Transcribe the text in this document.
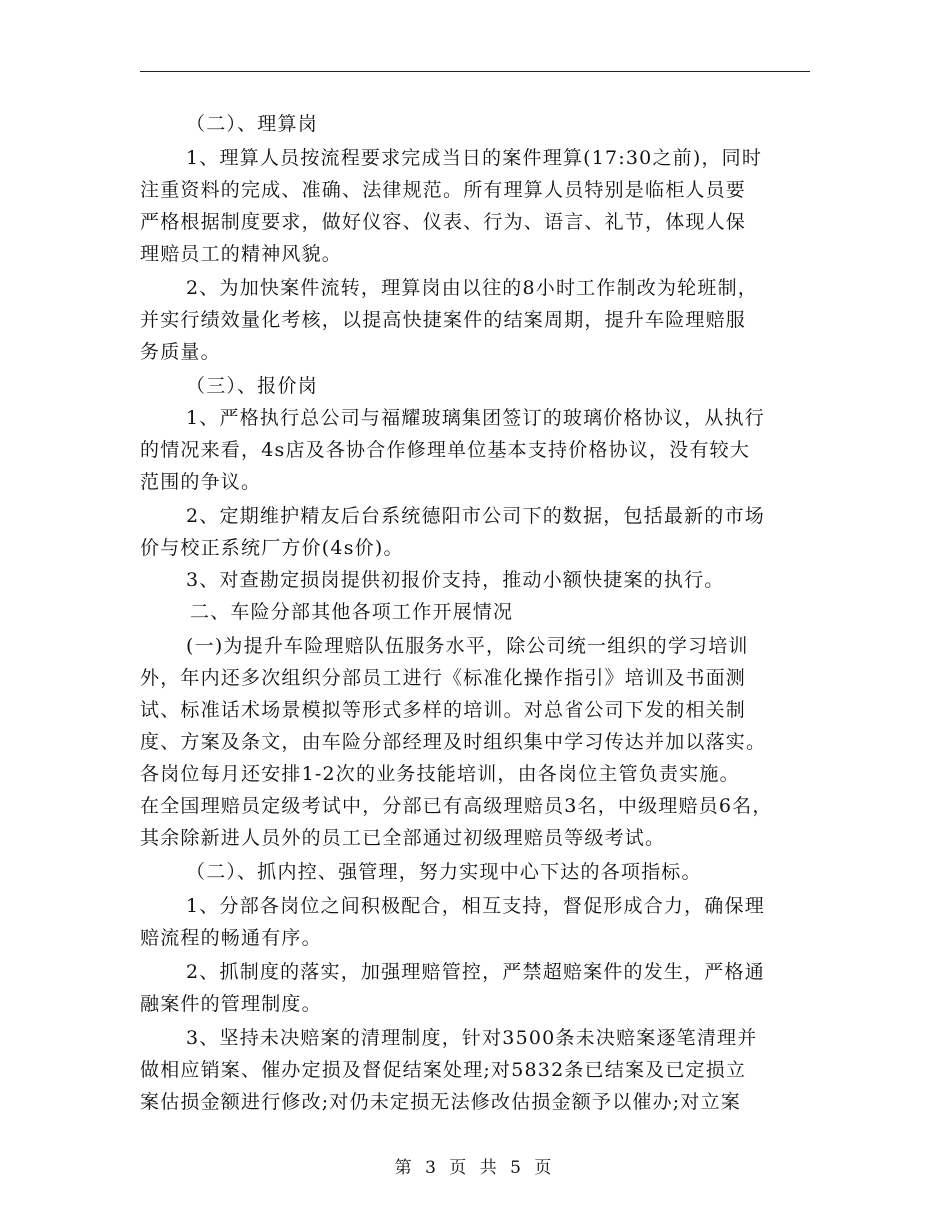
（二）、理算岗
1、理算人员按流程要求完成当日的案件理算(17:30之前)，同时
注重资料的完成、准确、法律规范。所有理算人员特别是临柜人员要
严格根据制度要求，做好仪容、仪表、行为、语言、礼节，体现人保
理赔员工的精神风貌。
2、为加快案件流转，理算岗由以往的8小时工作制改为轮班制，
并实行绩效量化考核，以提高快捷案件的结案周期，提升车险理赔服
务质量。
（三）、报价岗
1、严格执行总公司与福耀玻璃集团签订的玻璃价格协议，从执行
的情况来看，4s店及各协合作修理单位基本支持价格协议，没有较大
范围的争议。
2、定期维护精友后台系统德阳市公司下的数据，包括最新的市场
价与校正系统厂方价(4s价)。
3、对查勘定损岗提供初报价支持，推动小额快捷案的执行。
二、车险分部其他各项工作开展情况
(一)为提升车险理赔队伍服务水平，除公司统一组织的学习培训
外，年内还多次组织分部员工进行《标准化操作指引》培训及书面测
试、标准话术场景模拟等形式多样的培训。对总省公司下发的相关制
度、方案及条文，由车险分部经理及时组织集中学习传达并加以落实。
各岗位每月还安排1-2次的业务技能培训，由各岗位主管负责实施。
在全国理赔员定级考试中，分部已有高级理赔员3名，中级理赔员6名，
其余除新进人员外的员工已全部通过初级理赔员等级考试。
（二）、抓内控、强管理，努力实现中心下达的各项指标。
1、分部各岗位之间积极配合，相互支持，督促形成合力，确保理
赔流程的畅通有序。
2、抓制度的落实，加强理赔管控，严禁超赔案件的发生，严格通
融案件的管理制度。
3、坚持未决赔案的清理制度，针对3500条未决赔案逐笔清理并
做相应销案、催办定损及督促结案处理;对5832条已结案及已定损立
案估损金额进行修改;对仍未定损无法修改估损金额予以催办;对立案
第 3 页 共 5 页
